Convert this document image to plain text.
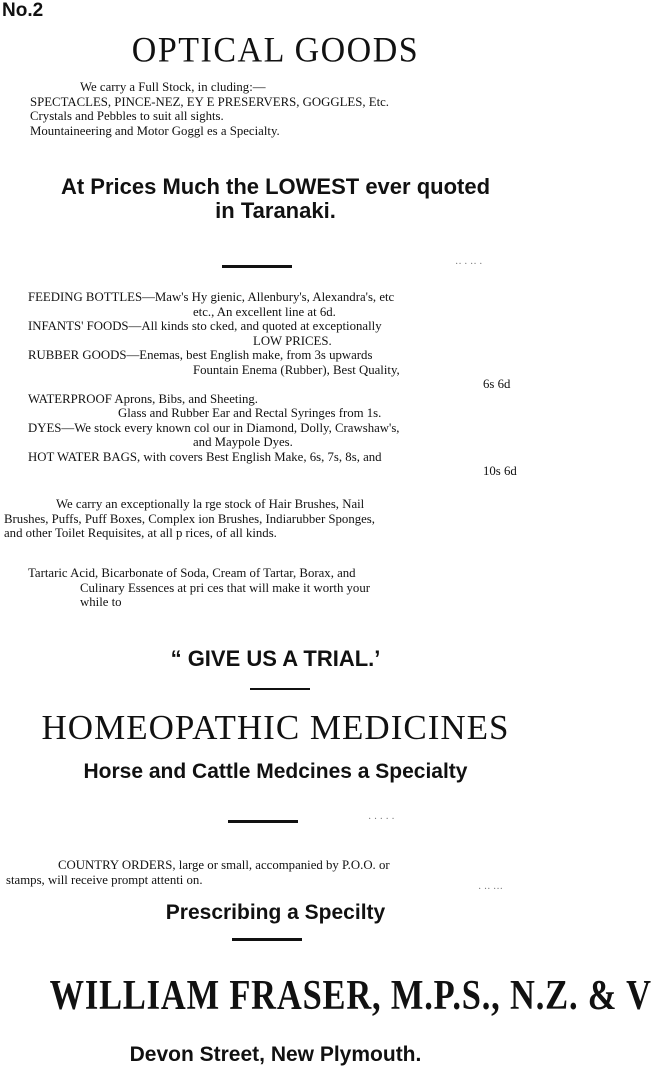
No.2
OPTICAL GOODS
We carry a Full Stock, in cluding:—
SPECTACLES, PINCE-NEZ, EY E PRESERVERS, GOGGLES, Etc.
Crystals and Pebbles to suit all sights.
Mountaineering and Motor Goggl es a Specialty.
At Prices Much the LOWEST ever quoted
in Taranaki.
·· · ·· ·
FEEDING BOTTLES—Maw's Hy gienic, Allenbury's, Alexandra's, etc
etc., An excellent line at 6d.
INFANTS' FOODS—All kinds sto cked, and quoted at exceptionally
LOW PRICES.
RUBBER GOODS—Enemas, best English make, from 3s upwards
Fountain Enema (Rubber), Best Quality,
6s 6d
WATERPROOF Aprons, Bibs, and Sheeting.
Glass and Rubber Ear and Rectal Syringes from 1s.
DYES—We stock every known col our in Diamond, Dolly, Crawshaw's,
and Maypole Dyes.
HOT WATER BAGS, with covers Best English Make, 6s, 7s, 8s, and
10s 6d
We carry an exceptionally la rge stock of Hair Brushes, Nail
Brushes, Puffs, Puff Boxes, Complex ion Brushes, Indiarubber Sponges,
and other Toilet Requisites, at all p rices, of all kinds.
Tartaric Acid, Bicarbonate of Soda, Cream of Tartar, Borax, and
Culinary Essences at pri ces that will make it worth your
while to
“ GIVE US A TRIAL.’
HOMEOPATHIC MEDICINES
Horse and Cattle Medcines a Specialty
· · · · ·
COUNTRY ORDERS, large or small, accompanied by P.O.O. or
stamps, will receive prompt attenti on.
· ·· ···
Prescribing a Specilty
WILLIAM FRASER, M.P.S., N.Z. & V
Devon Street, New Plymouth.
